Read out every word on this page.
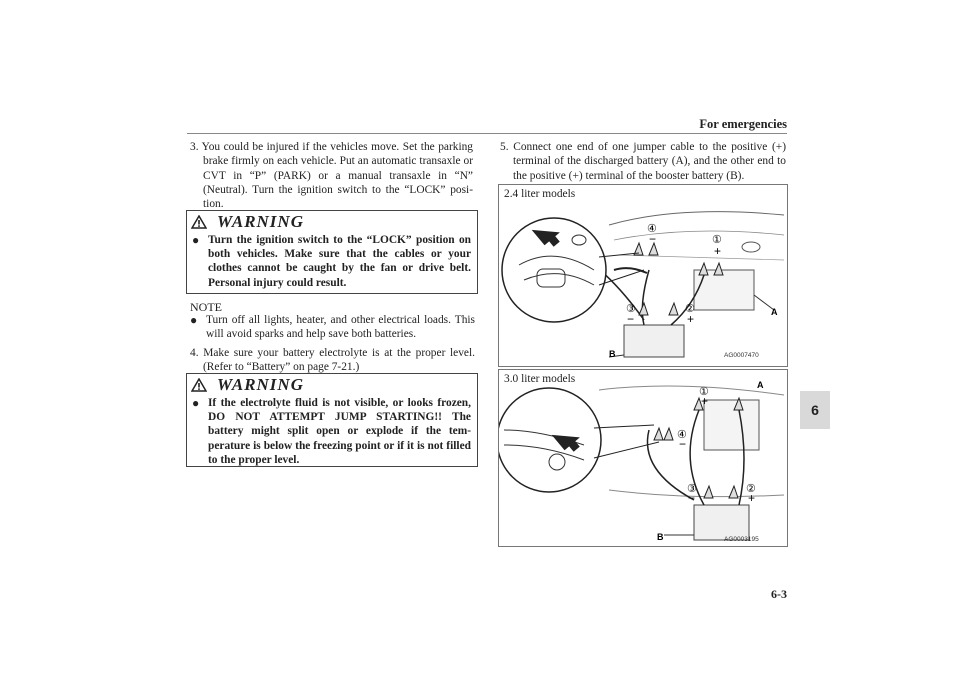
For emergencies
3. You could be injured if the vehicles move. Set the parking brake firmly on each vehicle. Put an automatic transaxle or CVT in “P” (PARK) or a manual transaxle in “N” (Neutral). Turn the ignition switch to the “LOCK” posi-tion.
WARNING
● Turn the ignition switch to the “LOCK” position on both vehicles. Make sure that the cables or your clothes cannot be caught by the fan or drive belt. Personal injury could result.
NOTE
● Turn off all lights, heater, and other electrical loads. This will avoid sparks and help save both batteries.
4. Make sure your battery electrolyte is at the proper level. (Refer to “Battery” on page 7-21.)
WARNING
● If the electrolyte fluid is not visible, or looks frozen, DO NOT ATTEMPT JUMP STARTING!! The battery might split open or explode if the tem-perature is below the freezing point or if it is not filled to the proper level.
5. Connect one end of one jumper cable to the positive (+) terminal of the discharged battery (A), and the other end to the positive (+) terminal of the booster battery (B).
2.4 liter models
④
−	①
+
②
+
③
−	A
B	AG0007470
3.0 liter models
①
+
A
④
−
③
−
②
+
B	AG0003195
6
6-3
